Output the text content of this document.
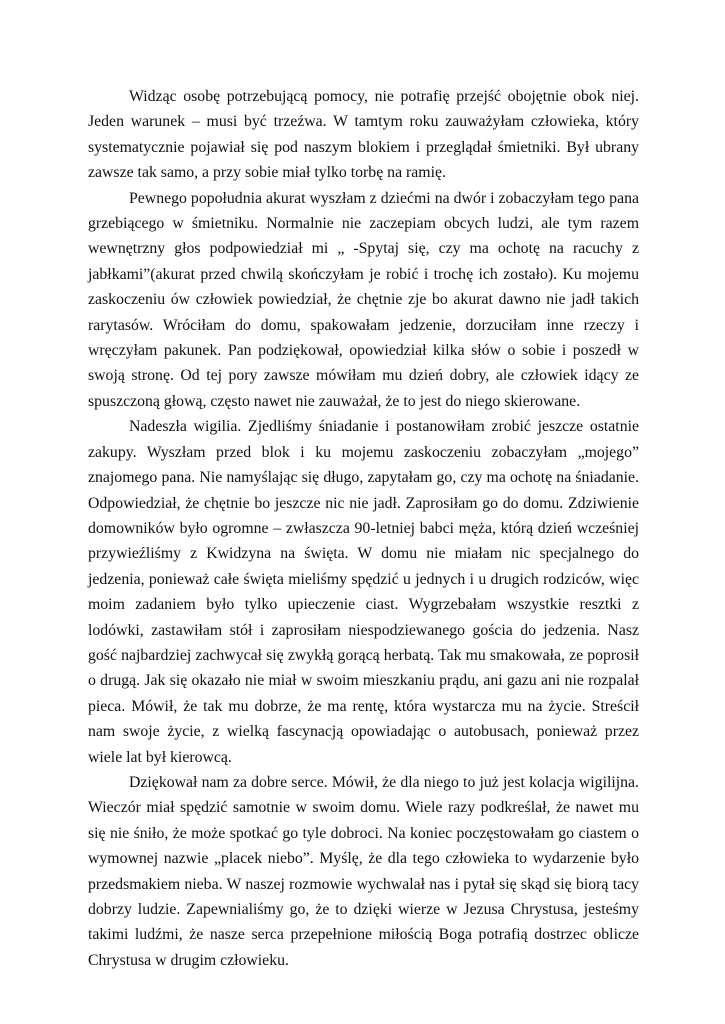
Widząc osobę potrzebującą pomocy, nie potrafię przejść obojętnie obok niej. Jeden warunek – musi być trzeźwa. W tamtym roku zauważyłam człowieka, który systematycznie pojawiał się pod naszym blokiem i przeglądał śmietniki. Był ubrany zawsze tak samo, a przy sobie miał tylko torbę na ramię.

Pewnego popołudnia akurat wyszłam z dziećmi na dwór i zobaczyłam tego pana grzebiącego w śmietniku. Normalnie nie zaczepiam obcych ludzi, ale tym razem wewnętrzny głos podpowiedział mi „ -Spytaj się, czy ma ochotę na racuchy z jabłkami”(akurat przed chwilą skończyłam je robić i trochę ich zostało). Ku mojemu zaskoczeniu ów człowiek powiedział, że chętnie zje bo akurat dawno nie jadł takich rarytasów. Wróciłam do domu, spakowałam jedzenie, dorzuciłam inne rzeczy i wręczyłam pakunek. Pan podziękował, opowiedział kilka słów o sobie i poszedł w swoją stronę. Od tej pory zawsze mówiłam mu dzień dobry, ale człowiek idący ze spuszczoną głową, często nawet nie zauważał, że to jest do niego skierowane.

Nadeszła wigilia. Zjedliśmy śniadanie i postanowiłam zrobić jeszcze ostatnie zakupy. Wyszłam przed blok i ku mojemu zaskoczeniu zobaczyłam „mojego” znajomego pana. Nie namyślając się długo, zapytałam go, czy ma ochotę na śniadanie. Odpowiedział, że chętnie bo jeszcze nic nie jadł. Zaprosiłam go do domu. Zdziwienie domowników było ogromne – zwłaszcza 90-letniej babci męża, którą dzień wcześniej przywieźliśmy z Kwidzyna na święta. W domu nie miałam nic specjalnego do jedzenia, ponieważ całe święta mieliśmy spędzić u jednych i u drugich rodziców, więc moim zadaniem było tylko upieczenie ciast. Wygrzebałam wszystkie resztki z lodówki, zastawiłam stół i zaprosiłam niespodziewanego gościa do jedzenia. Nasz gość najbardziej zachwycał się zwykłą gorącą herbatą. Tak mu smakowała, ze poprosił o drugą. Jak się okazało nie miał w swoim mieszkaniu prądu, ani gazu ani nie rozpalał pieca. Mówił, że tak mu dobrze, że ma rentę, która wystarcza mu na życie. Streścił nam swoje życie, z wielką fascynacją opowiadając o autobusach, ponieważ przez wiele lat był kierowcą.

Dziękował nam za dobre serce. Mówił, że dla niego to już jest kolacja wigilijna. Wieczór miał spędzić samotnie w swoim domu. Wiele razy podkreślał, że nawet mu się nie śniło, że może spotkać go tyle dobroci. Na koniec poczęstowałam go ciastem o wymownej nazwie „placek niebo”. Myślę, że dla tego człowieka to wydarzenie było przedsmakiem nieba. W naszej rozmowie wychwalał nas i pytał się skąd się biorą tacy dobrzy ludzie. Zapewnialiśmy go, że to dzięki wierze w Jezusa Chrystusa, jesteśmy takimi ludźmi, że nasze serca przepełnione miłością Boga potrafią dostrzec oblicze Chrystusa w drugim człowieku.
